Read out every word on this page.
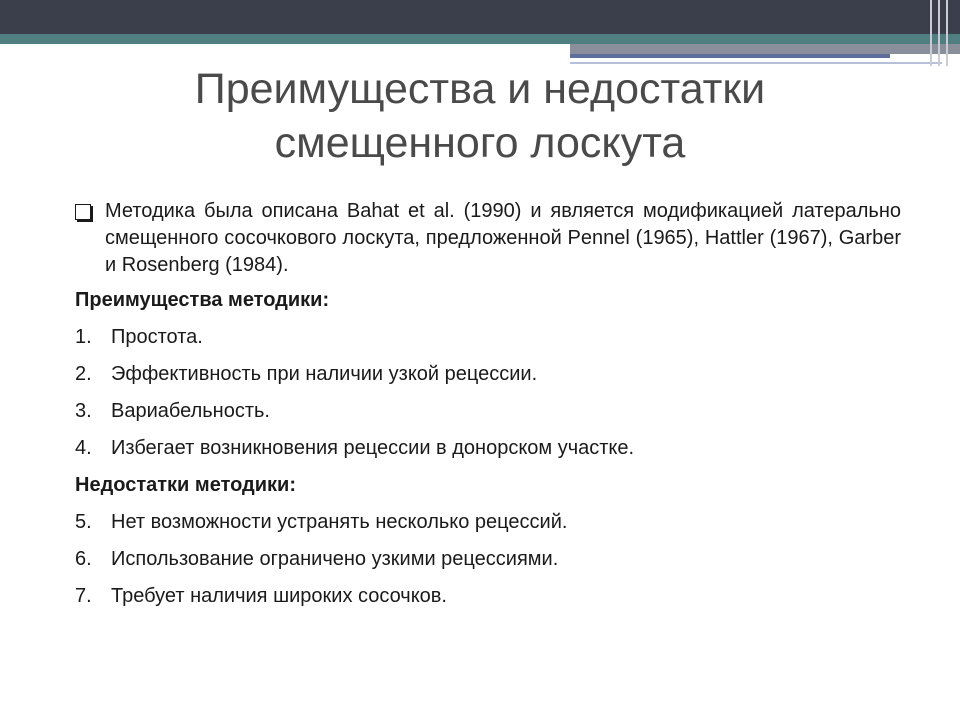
Преимущества и недостатки смещенного лоскута
Методика была описана Bahat et al. (1990) и является модификацией латерально смещенного сосочкового лоскута, предложенной Pennel (1965), Hattler (1967), Garber и Rosenberg (1984).
Преимущества методики:
1. Простота.
2. Эффективность при наличии узкой рецессии.
3. Вариабельность.
4. Избегает возникновения рецессии в донорском участке.
Недостатки методики:
5. Нет возможности устранять несколько рецессий.
6. Использование ограничено узкими рецессиями.
7. Требует наличия широких сосочков.
